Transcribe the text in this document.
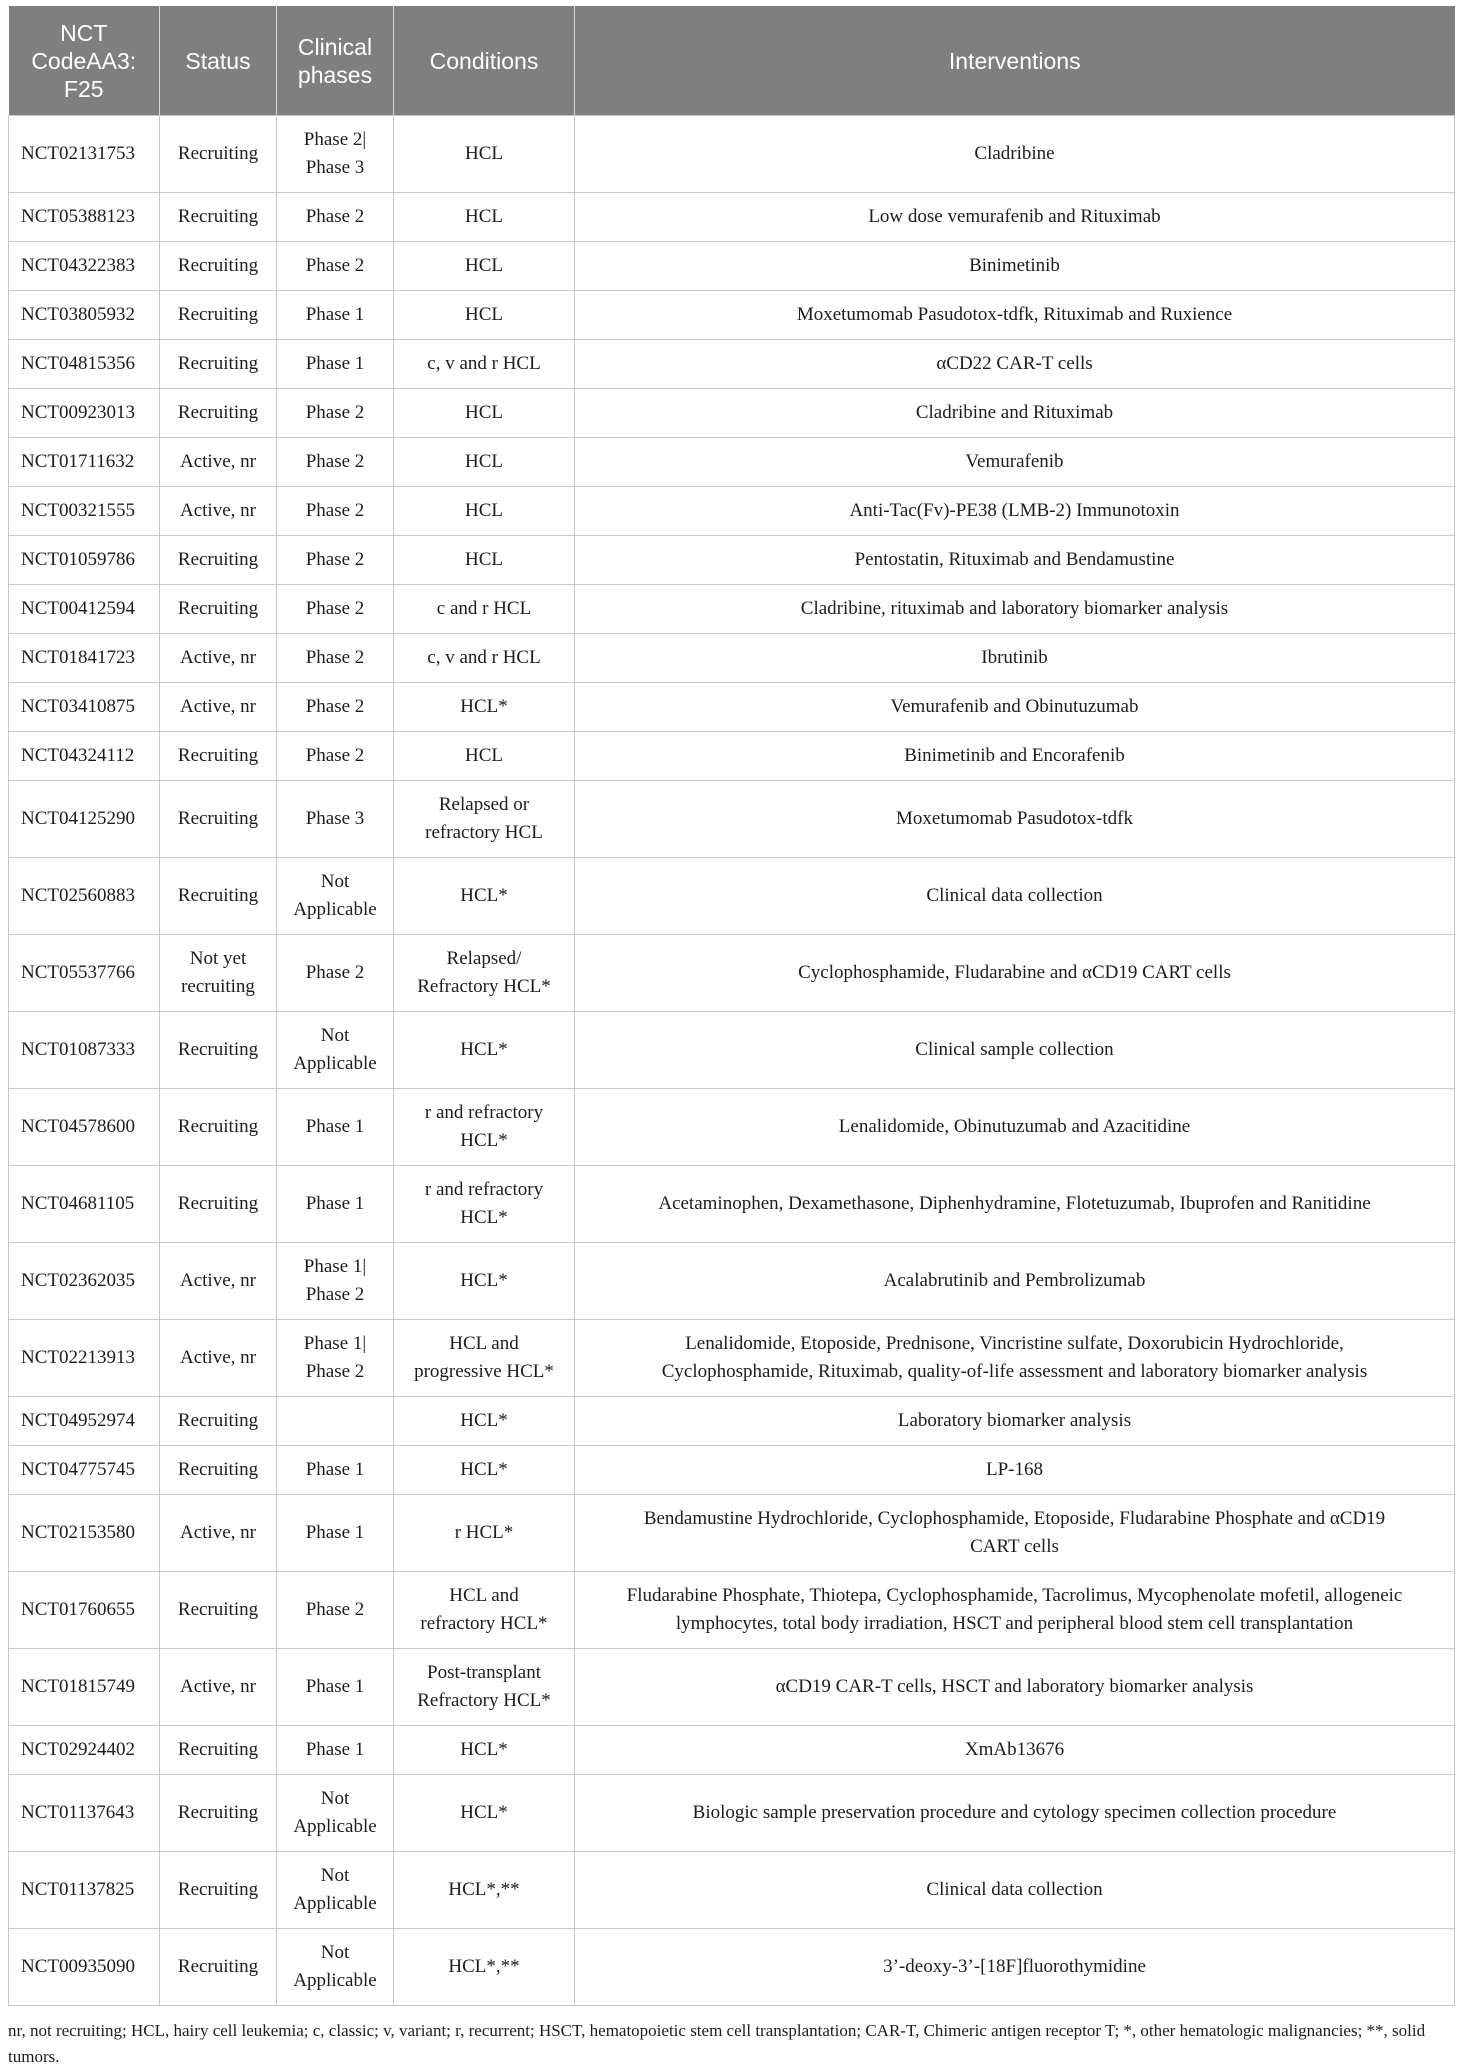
NCT
CodeAA3:
F25	Status	Clinical
phases	Conditions	Interventions
NCT02131753	Recruiting	Phase 2|
Phase 3	HCL	Cladribine
NCT05388123	Recruiting	Phase 2	HCL	Low dose vemurafenib and Rituximab
NCT04322383	Recruiting	Phase 2	HCL	Binimetinib
NCT03805932	Recruiting	Phase 1	HCL	Moxetumomab Pasudotox-tdfk, Rituximab and Ruxience
NCT04815356	Recruiting	Phase 1	c, v and r HCL	αCD22 CAR-T cells
NCT00923013	Recruiting	Phase 2	HCL	Cladribine and Rituximab
NCT01711632	Active, nr	Phase 2	HCL	Vemurafenib
NCT00321555	Active, nr	Phase 2	HCL	Anti-Tac(Fv)-PE38 (LMB-2) Immunotoxin
NCT01059786	Recruiting	Phase 2	HCL	Pentostatin, Rituximab and Bendamustine
NCT00412594	Recruiting	Phase 2	c and r HCL	Cladribine, rituximab and laboratory biomarker analysis
NCT01841723	Active, nr	Phase 2	c, v and r HCL	Ibrutinib
NCT03410875	Active, nr	Phase 2	HCL*	Vemurafenib and Obinutuzumab
NCT04324112	Recruiting	Phase 2	HCL	Binimetinib and Encorafenib
NCT04125290	Recruiting	Phase 3	Relapsed or
refractory HCL	Moxetumomab Pasudotox-tdfk
NCT02560883	Recruiting	Not
Applicable	HCL*	Clinical data collection
NCT05537766	Not yet
recruiting	Phase 2	Relapsed/
Refractory HCL*	Cyclophosphamide, Fludarabine and αCD19 CART cells
NCT01087333	Recruiting	Not
Applicable	HCL*	Clinical sample collection
NCT04578600	Recruiting	Phase 1	r and refractory
HCL*	Lenalidomide, Obinutuzumab and Azacitidine
NCT04681105	Recruiting	Phase 1	r and refractory
HCL*	Acetaminophen, Dexamethasone, Diphenhydramine, Flotetuzumab, Ibuprofen and Ranitidine
NCT02362035	Active, nr	Phase 1|
Phase 2	HCL*	Acalabrutinib and Pembrolizumab
NCT02213913	Active, nr	Phase 1|
Phase 2	HCL and
progressive HCL*	Lenalidomide, Etoposide, Prednisone, Vincristine sulfate, Doxorubicin Hydrochloride,
Cyclophosphamide, Rituximab, quality-of-life assessment and laboratory biomarker analysis
NCT04952974	Recruiting		HCL*	Laboratory biomarker analysis
NCT04775745	Recruiting	Phase 1	HCL*	LP-168
NCT02153580	Active, nr	Phase 1	r HCL*	Bendamustine Hydrochloride, Cyclophosphamide, Etoposide, Fludarabine Phosphate and αCD19
CART cells
NCT01760655	Recruiting	Phase 2	HCL and
refractory HCL*	Fludarabine Phosphate, Thiotepa, Cyclophosphamide, Tacrolimus, Mycophenolate mofetil, allogeneic
lymphocytes, total body irradiation, HSCT and peripheral blood stem cell transplantation
NCT01815749	Active, nr	Phase 1	Post-transplant
Refractory HCL*	αCD19 CAR-T cells, HSCT and laboratory biomarker analysis
NCT02924402	Recruiting	Phase 1	HCL*	XmAb13676
NCT01137643	Recruiting	Not
Applicable	HCL*	Biologic sample preservation procedure and cytology specimen collection procedure
NCT01137825	Recruiting	Not
Applicable	HCL*,**	Clinical data collection
NCT00935090	Recruiting	Not
Applicable	HCL*,**	3’-deoxy-3’-[18F]fluorothymidine
nr, not recruiting; HCL, hairy cell leukemia; c, classic; v, variant; r, recurrent; HSCT, hematopoietic stem cell transplantation; CAR-T, Chimeric antigen receptor T; *, other hematologic malignancies; **, solid tumors.
